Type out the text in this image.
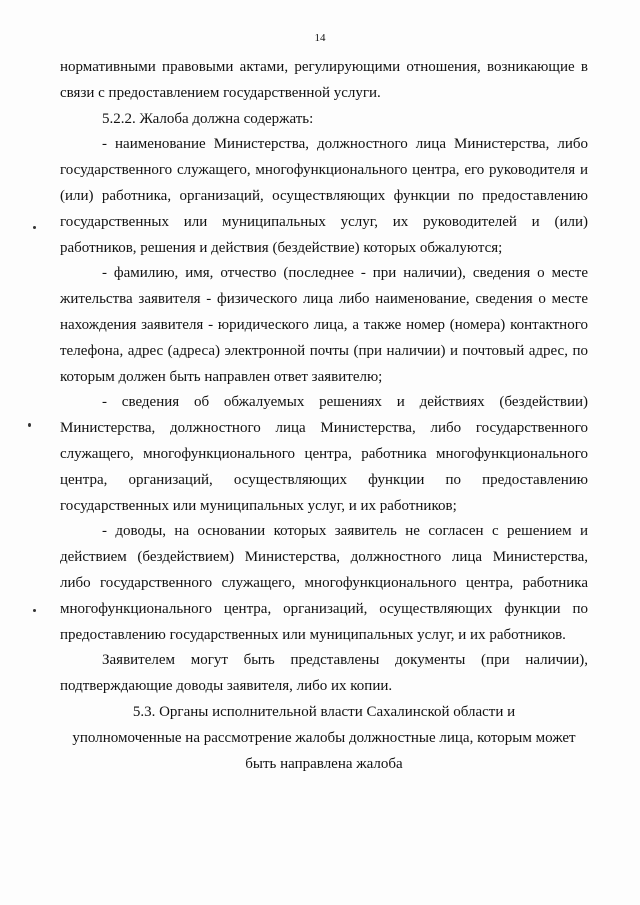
14

нормативными правовыми актами, регулирующими отношения, возникающие в связи с предоставлением государственной услуги.

5.2.2. Жалоба должна содержать:

- наименование Министерства, должностного лица Министерства, либо государственного служащего, многофункционального центра, его руководителя и (или) работника, организаций, осуществляющих функции по предоставлению государственных или муниципальных услуг, их руководителей и (или) работников, решения и действия (бездействие) которых обжалуются;

- фамилию, имя, отчество (последнее - при наличии), сведения о месте жительства заявителя - физического лица либо наименование, сведения о месте нахождения заявителя - юридического лица, а также номер (номера) контактного телефона, адрес (адреса) электронной почты (при наличии) и почтовый адрес, по которым должен быть направлен ответ заявителю;

- сведения об обжалуемых решениях и действиях (бездействии) Министерства, должностного лица Министерства, либо государственного служащего, многофункционального центра, работника многофункционального центра, организаций, осуществляющих функции по предоставлению государственных или муниципальных услуг, и их работников;

- доводы, на основании которых заявитель не согласен с решением и действием (бездействием) Министерства, должностного лица Министерства, либо государственного служащего, многофункционального центра, работника многофункционального центра, организаций, осуществляющих функции по предоставлению государственных или муниципальных услуг, и их работников.

Заявителем могут быть представлены документы (при наличии), подтверждающие доводы заявителя, либо их копии.

5.3. Органы исполнительной власти Сахалинской области и
уполномоченные на рассмотрение жалобы должностные лица, которым может
быть направлена жалоба
